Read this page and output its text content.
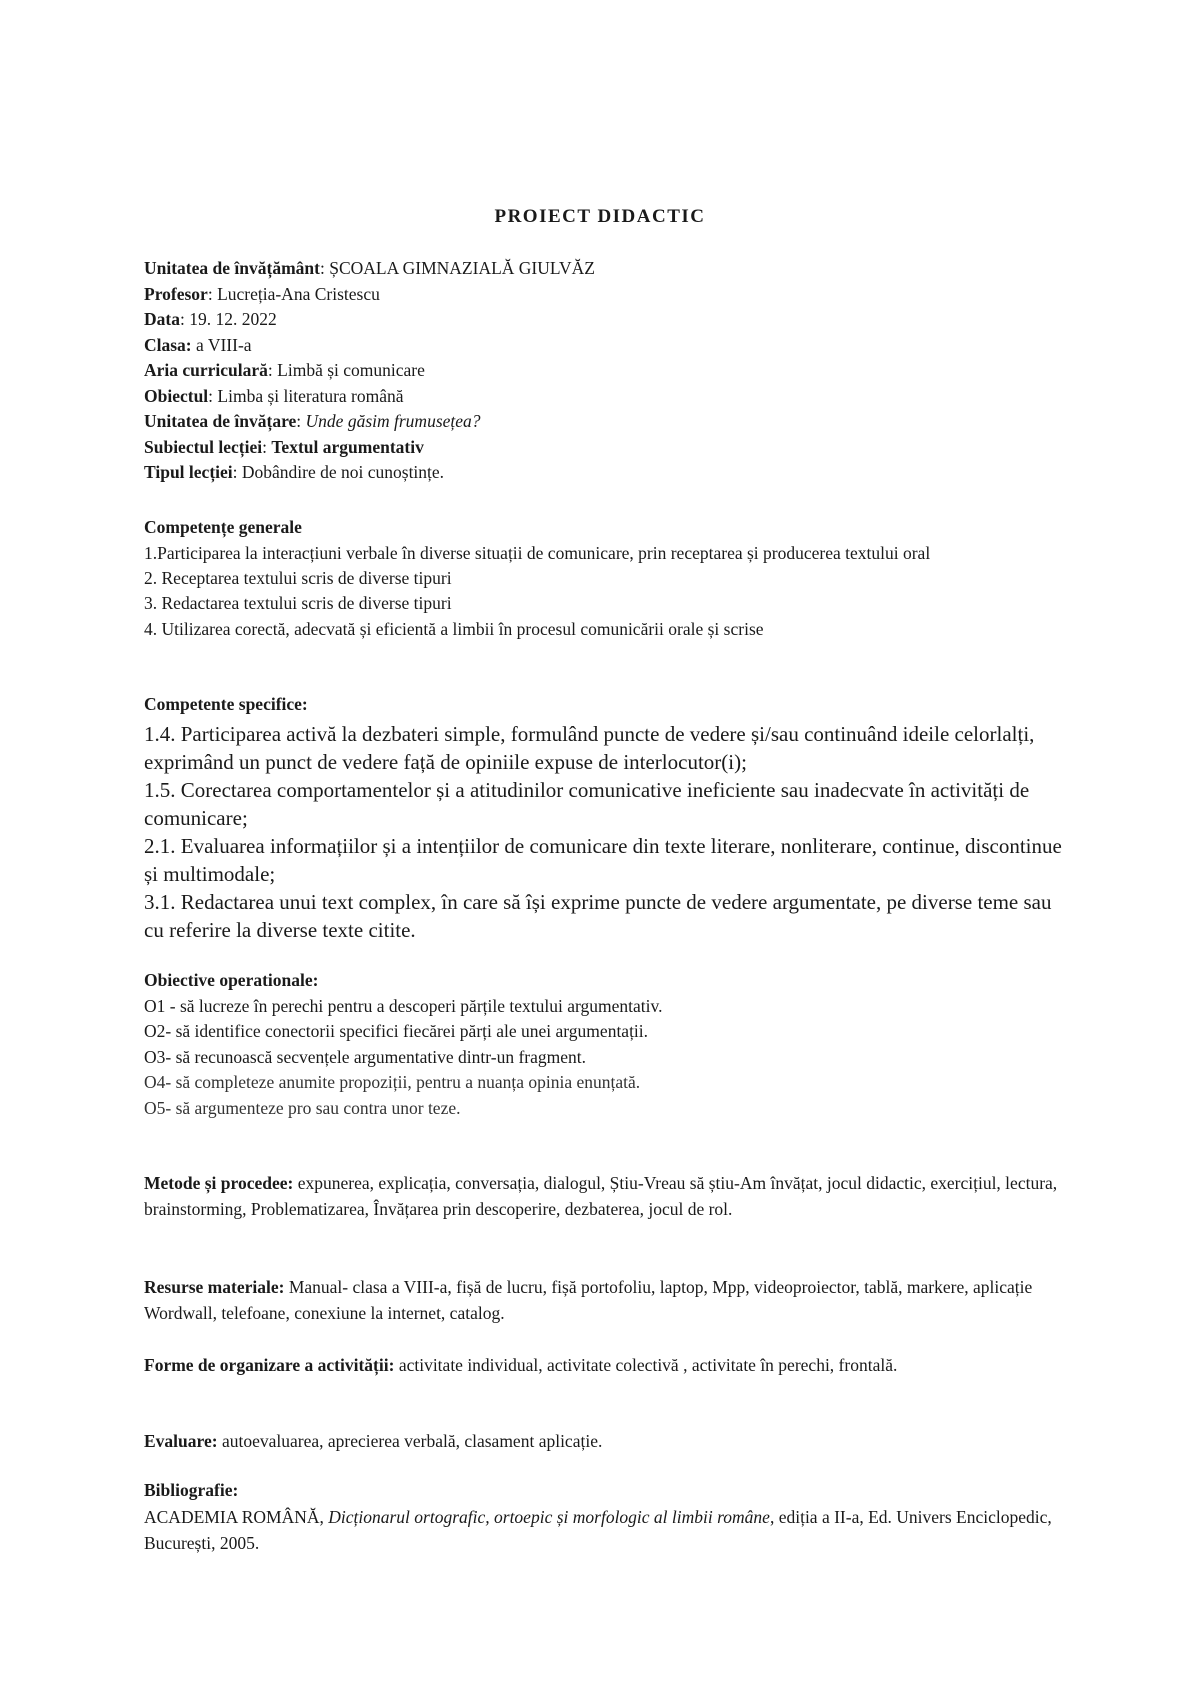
PROIECT DIDACTIC
Unitatea de învățământ: ȘCOALA GIMNAZIALĂ GIULVĂZ
Profesor: Lucreția-Ana Cristescu
Data: 19. 12. 2022
Clasa: a VIII-a
Aria curriculară: Limbă și comunicare
Obiectul: Limba și literatura română
Unitatea de învățare: Unde găsim frumusețea?
Subiectul lecției: Textul argumentativ
Tipul lecției: Dobândire de noi cunoștințe.
Competențe generale
1.Participarea la interacțiuni verbale în diverse situații de comunicare, prin receptarea și producerea textului oral
2. Receptarea textului scris de diverse tipuri
3. Redactarea textului scris de diverse tipuri
4. Utilizarea corectă, adecvată și eficientă a limbii în procesul comunicării orale și scrise
Competente specifice:
1.4. Participarea activă la dezbateri simple, formulând puncte de vedere și/sau continuând ideile celorlalți, exprimând un punct de vedere față de opiniile expuse de interlocutor(i);
1.5. Corectarea comportamentelor și a atitudinilor comunicative ineficiente sau inadecvate în activități de comunicare;
2.1. Evaluarea informațiilor și a intențiilor de comunicare din texte literare, nonliterare, continue, discontinue și multimodale;
3.1. Redactarea unui text complex, în care să își exprime puncte de vedere argumentate, pe diverse teme sau cu referire la diverse texte citite.
Obiective operationale:
O1 - să lucreze în perechi pentru a descoperi părțile textului argumentativ.
O2- să identifice conectorii specifici fiecărei părți ale unei argumentații.
O3- să recunoască secvențele argumentative dintr-un fragment.
O4- să completeze anumite propoziții, pentru a nuanța opinia enunțată.
O5- să argumenteze pro sau contra unor teze.
Metode și procedee: expunerea, explicația, conversația, dialogul, Știu-Vreau să știu-Am învățat, jocul didactic, exercițiul, lectura, brainstorming, Problematizarea, Învățarea prin descoperire, dezbaterea, jocul de rol.
Resurse materiale: Manual- clasa a VIII-a, fișă de lucru, fișă portofoliu, laptop, Mpp, videoproiector, tablă, markere, aplicație Wordwall, telefoane, conexiune la internet, catalog.
Forme de organizare a activității: activitate individual, activitate colectivă , activitate în perechi, frontală.
Evaluare: autoevaluarea, aprecierea verbală, clasament aplicație.
Bibliografie:
ACADEMIA ROMÂNĂ, Dicționarul ortografic, ortoepic și morfologic al limbii române, ediția a II-a, Ed. Univers Enciclopedic, București, 2005.
